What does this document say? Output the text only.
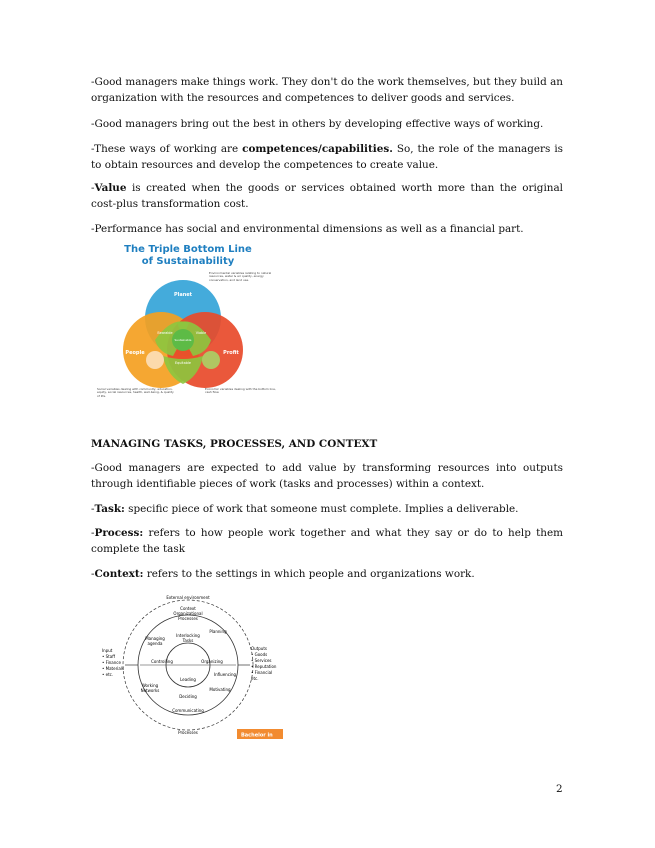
-Good managers make things work. They don't do the work themselves, but they build an organization with the resources and competences to deliver goods and services.

-Good managers bring out the best in others by developing effective ways of working.

-These ways of working are competences/capabilities. So, the role of the managers is to obtain resources and develop the competences to create value.

-Value is created when the goods or services obtained worth more than the original cost-plus transformation cost.

-Performance has social and environmental dimensions as well as a financial part.

The Triple Bottom Line
of Sustainability
Planet
People	Profit
Bearable	Viable
Equitable
Sustainable
Environmental variables relating to natural resources, water & air quality, energy conservation, and land use.
Social variables dealing with community, education, equity, social resources, health, well-being, & quality of life.
Economic variables dealing with the bottom line, cash flow.

MANAGING TASKS, PROCESSES, AND CONTEXT

-Good managers are expected to add value by transforming resources into outputs through identifiable pieces of work (tasks and processes) within a context.

-Task: specific piece of work that someone must complete. Implies a deliverable.

-Process: refers to how people work together and what they say or do to help them complete the task

-Context: refers to the settings in which people and organizations work.

External environment
Context
Organizational
Processes
Managing
agenda
Interlocking
Tasks
Planning
Controlling	Organizing
Leading
Influencing
Motivating
Deciding
Working
Networks
Communicating
Processes
Input
• Staff
• Finance
• Materials
• etc.
Outputs
• Goods
• Services
• Reputation
• Financial
etc.
Bachelor in
2
